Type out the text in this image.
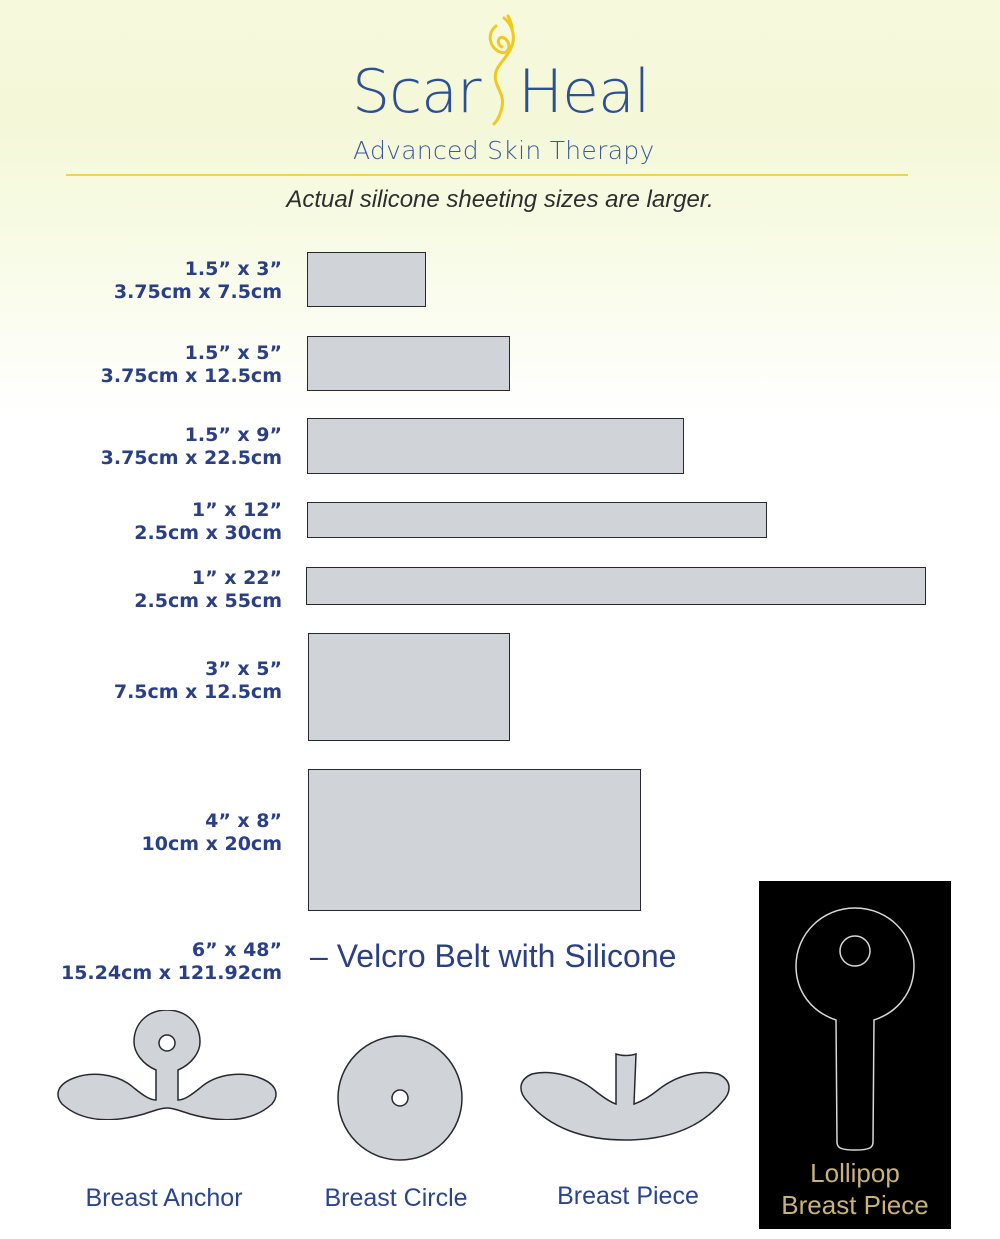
Scar Heal
Advanced Skin Therapy
Actual silicone sheeting sizes are larger.
1.5” x 3”
3.75cm x 7.5cm
1.5” x 5”
3.75cm x 12.5cm
1.5” x 9”
3.75cm x 22.5cm
1” x 12”
2.5cm x 30cm
1” x 22”
2.5cm x 55cm
3” x 5”
7.5cm x 12.5cm
4” x 8”
10cm x 20cm
6” x 48”
15.24cm x 121.92cm – Velcro Belt with Silicone
Breast Anchor	Breast Circle	Breast Piece
Lollipop
Breast Piece
